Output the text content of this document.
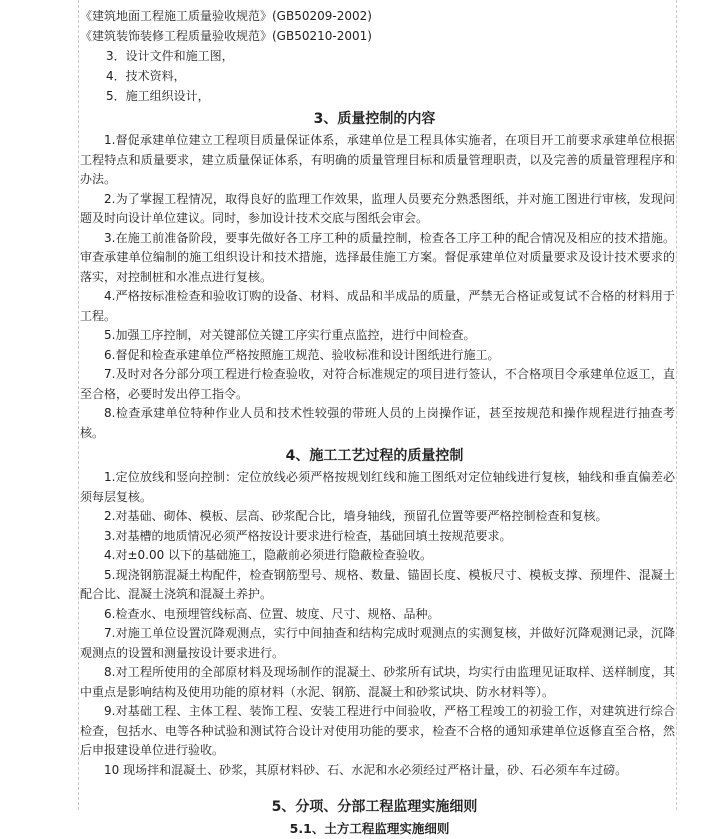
《建筑地面工程施工质量验收规范》(GB50209-2002)

《建筑装饰装修工程质量验收规范》(GB50210-2001)

3．设计文件和施工图，

4．技术资料，

5．施工组织设计，

3、质量控制的内容

1.督促承建单位建立工程项目质量保证体系，承建单位是工程具体实施者，在项目开工前要求承建单位根据工程特点和质量要求，建立质量保证体系，有明确的质量管理目标和质量管理职责，以及完善的质量管理程序和办法。

2.为了掌握工程情况，取得良好的监理工作效果，监理人员要充分熟悉图纸，并对施工图进行审核，发现问题及时向设计单位建议。同时，参加设计技术交底与图纸会审会。

3.在施工前准备阶段，要事先做好各工序工种的质量控制，检查各工序工种的配合情况及相应的技术措施。审查承建单位编制的施工组织设计和技术措施，选择最佳施工方案。督促承建单位对质量要求及设计技术要求的落实，对控制桩和水准点进行复核。

4.严格按标准检查和验收订购的设备、材料、成品和半成品的质量，严禁无合格证或复试不合格的材料用于工程。

5.加强工序控制，对关键部位关键工序实行重点监控，进行中间检查。

6.督促和检查承建单位严格按照施工规范、验收标准和设计图纸进行施工。

7.及时对各分部分项工程进行检查验收，对符合标准规定的项目进行签认，不合格项目令承建单位返工，直至合格，必要时发出停工指令。

8.检查承建单位特种作业人员和技术性较强的带班人员的上岗操作证，甚至按规范和操作规程进行抽查考核。

4、施工工艺过程的质量控制

1.定位放线和竖向控制：定位放线必须严格按规划红线和施工图纸对定位轴线进行复核，轴线和垂直偏差必须每层复核。

2.对基础、砌体、模板、层高、砂浆配合比，墙身轴线，预留孔位置等要严格控制检查和复核。

3.对基槽的地质情况必须严格按设计要求进行检查，基础回填土按规范要求。

4.对±0.00 以下的基础施工，隐蔽前必须进行隐蔽检查验收。

5.现浇钢筋混凝土构配件，检查钢筋型号、规格、数量、锚固长度、模板尺寸、模板支撑、预埋件、混凝土配合比、混凝土浇筑和混凝土养护。

6.检查水、电预埋管线标高、位置、坡度、尺寸、规格、品种。

7.对施工单位设置沉降观测点，实行中间抽查和结构完成时观测点的实测复核，并做好沉降观测记录，沉降观测点的设置和测量按设计要求进行。

8.对工程所使用的全部原材料及现场制作的混凝土、砂浆所有试块，均实行由监理见证取样、送样制度，其中重点是影响结构及使用功能的原材料（水泥、钢筋、混凝土和砂浆试块、防水材料等）。

9.对基础工程、主体工程、装饰工程、安装工程进行中间验收，严格工程竣工的初验工作，对建筑进行综合检查，包括水、电等各种试验和测试符合设计对使用功能的要求，检查不合格的通知承建单位返修直至合格，然后申报建设单位进行验收。

10 现场拌和混凝土、砂浆，其原材料砂、石、水泥和水必须经过严格计量，砂、石必须车车过磅。

5、分项、分部工程监理实施细则
5.1、土方工程监理实施细则
